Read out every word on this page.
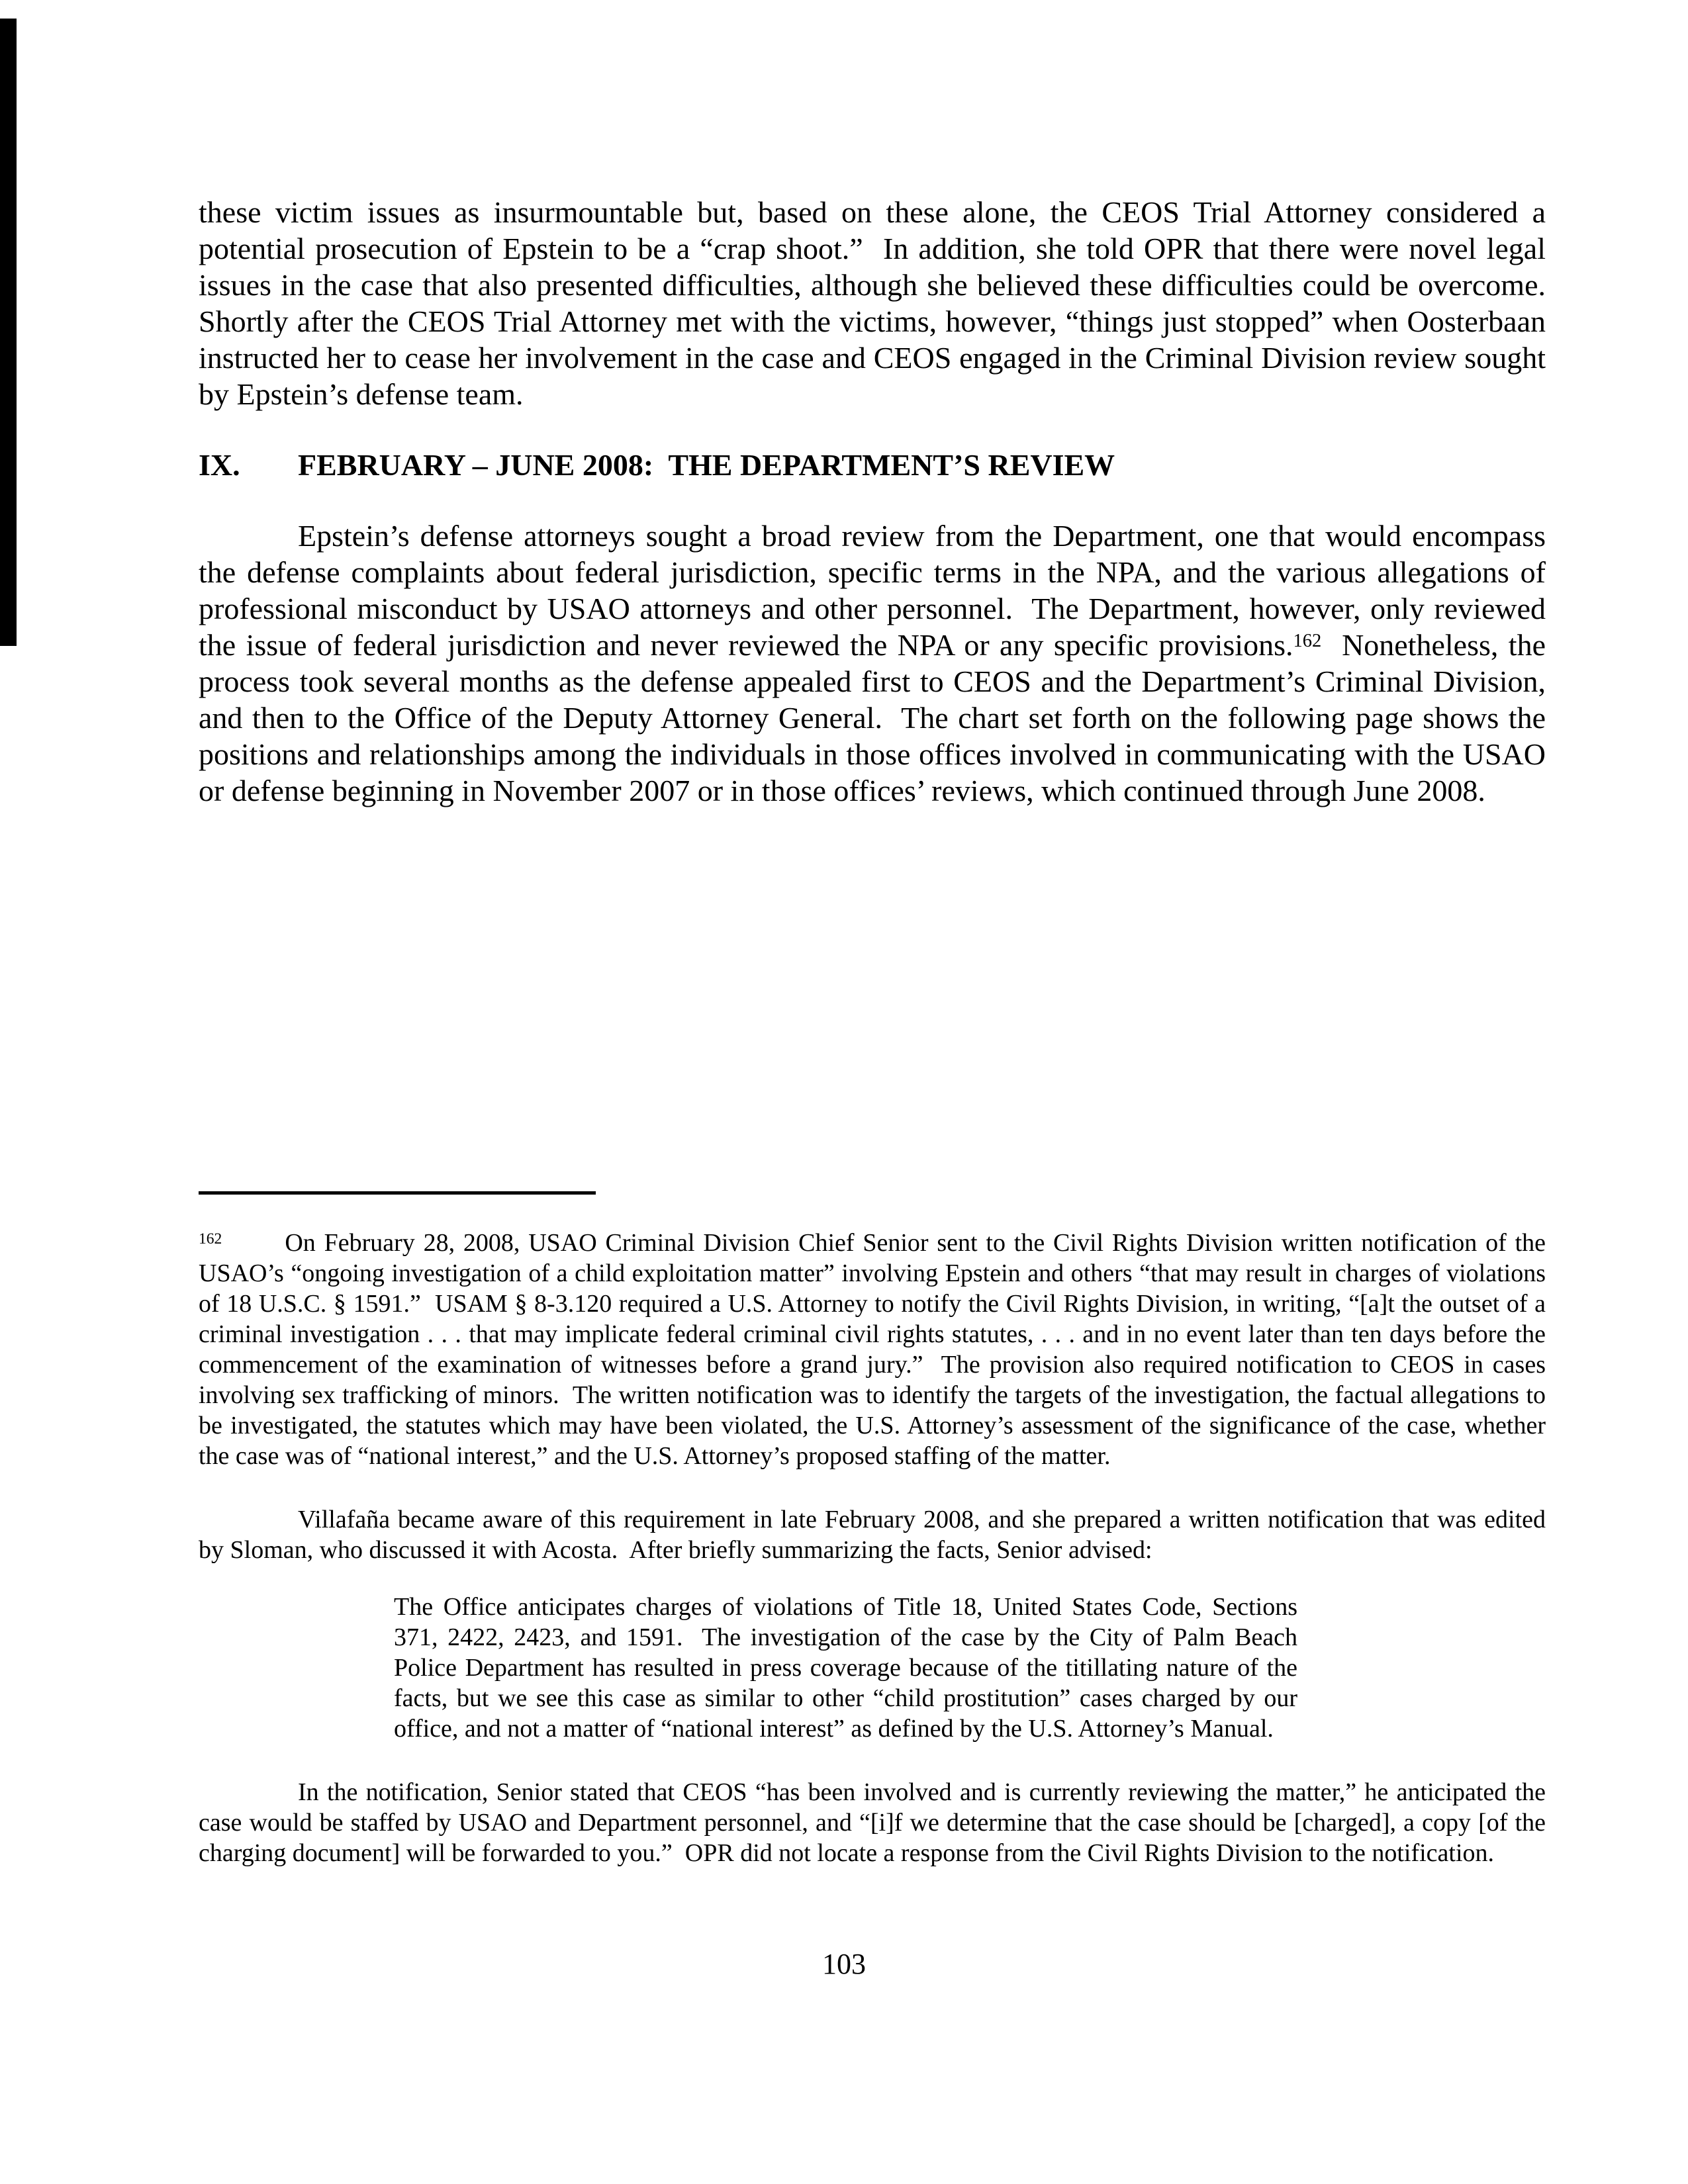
these victim issues as insurmountable but, based on these alone, the CEOS Trial Attorney considered a potential prosecution of Epstein to be a “crap shoot.”  In addition, she told OPR that there were novel legal issues in the case that also presented difficulties, although she believed these difficulties could be overcome.  Shortly after the CEOS Trial Attorney met with the victims, however, “things just stopped” when Oosterbaan instructed her to cease her involvement in the case and CEOS engaged in the Criminal Division review sought by Epstein’s defense team.

IX.	FEBRUARY – JUNE 2008:  THE DEPARTMENT’S REVIEW

Epstein’s defense attorneys sought a broad review from the Department, one that would encompass the defense complaints about federal jurisdiction, specific terms in the NPA, and the various allegations of professional misconduct by USAO attorneys and other personnel.  The Department, however, only reviewed the issue of federal jurisdiction and never reviewed the NPA or any specific provisions.$^{162}$  Nonetheless, the process took several months as the defense appealed first to CEOS and the Department’s Criminal Division, and then to the Office of the Deputy Attorney General.  The chart set forth on the following page shows the positions and relationships among the individuals in those offices involved in communicating with the USAO or defense beginning in November 2007 or in those offices’ reviews, which continued through June 2008.

$^{162}$	On February 28, 2008, USAO Criminal Division Chief Senior sent to the Civil Rights Division written notification of the USAO’s “ongoing investigation of a child exploitation matter” involving Epstein and others “that may result in charges of violations of 18 U.S.C. § 1591.”  USAM § 8-3.120 required a U.S. Attorney to notify the Civil Rights Division, in writing, “[a]t the outset of a criminal investigation . . . that may implicate federal criminal civil rights statutes, . . . and in no event later than ten days before the commencement of the examination of witnesses before a grand jury.”  The provision also required notification to CEOS in cases involving sex trafficking of minors.  The written notification was to identify the targets of the investigation, the factual allegations to be investigated, the statutes which may have been violated, the U.S. Attorney’s assessment of the significance of the case, whether the case was of “national interest,” and the U.S. Attorney’s proposed staffing of the matter.

Villafaña became aware of this requirement in late February 2008, and she prepared a written notification that was edited by Sloman, who discussed it with Acosta.  After briefly summarizing the facts, Senior advised:

The Office anticipates charges of violations of Title 18, United States Code, Sections 371, 2422, 2423, and 1591.  The investigation of the case by the City of Palm Beach Police Department has resulted in press coverage because of the titillating nature of the facts, but we see this case as similar to other “child prostitution” cases charged by our office, and not a matter of “national interest” as defined by the U.S. Attorney’s Manual.

In the notification, Senior stated that CEOS “has been involved and is currently reviewing the matter,” he anticipated the case would be staffed by USAO and Department personnel, and “[i]f we determine that the case should be [charged], a copy [of the charging document] will be forwarded to you.”  OPR did not locate a response from the Civil Rights Division to the notification.

103
